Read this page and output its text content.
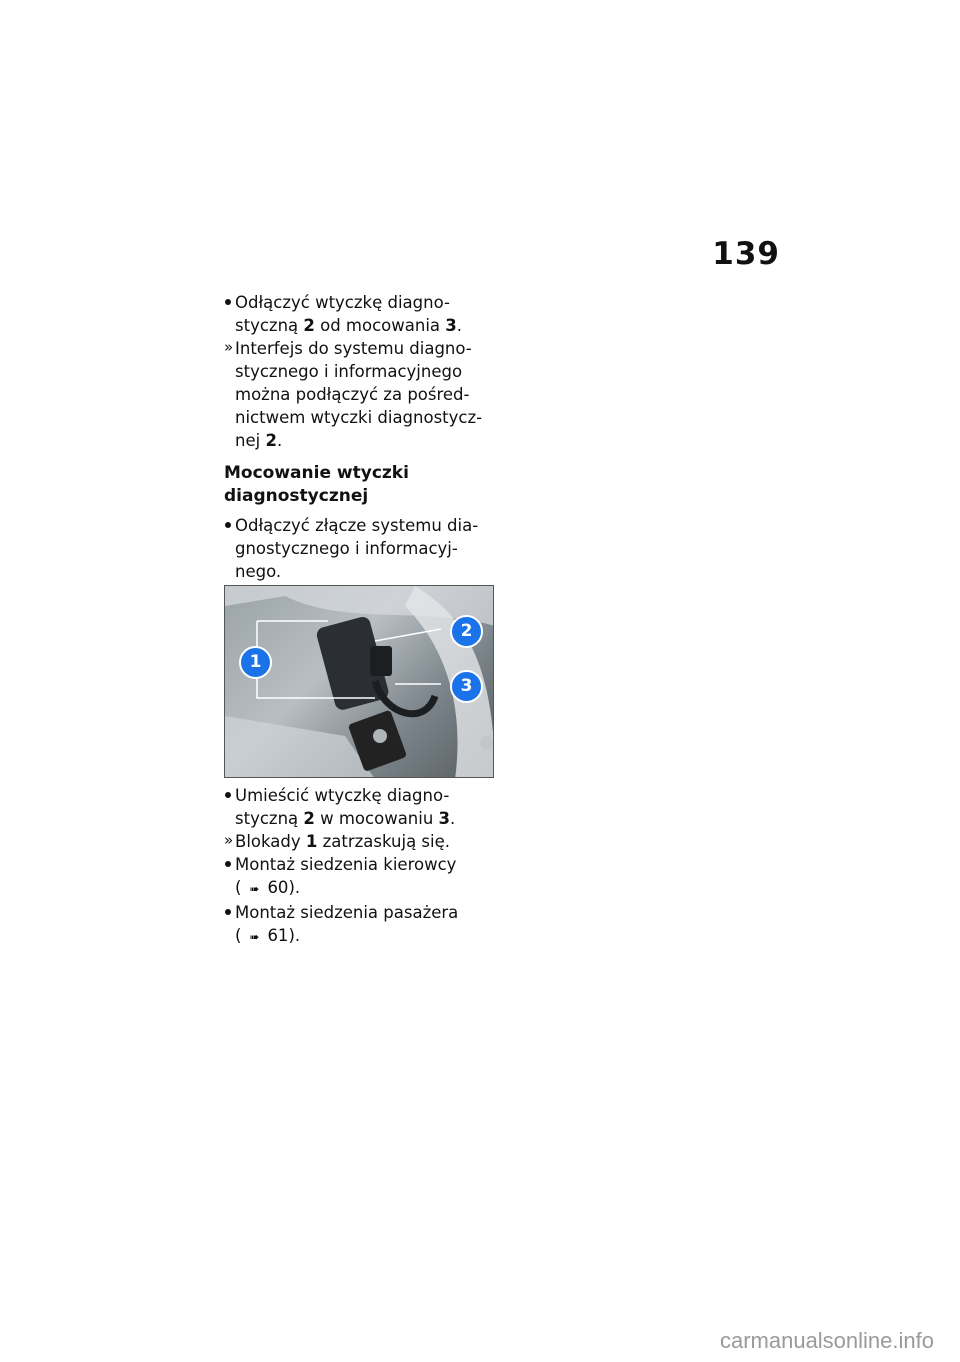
139
Odłączyć wtyczkę diagno-
styczną 2 od mocowania 3.
» Interfejs do systemu diagno-
stycznego i informacyjnego
można podłączyć za pośred-
nictwem wtyczki diagnostycz-
nej 2.
Mocowanie wtyczki
diagnostycznej
Odłączyć złącze systemu dia-
gnostycznego i informacyj-
nego.
1
2
3
Umieścić wtyczkę diagno-
styczną 2 w mocowaniu 3.
» Blokady 1 zatrzaskują się.
Montaż siedzenia kierowcy
( ➠ 60).
Montaż siedzenia pasażera
( ➠ 61).
carmanualsonline.info
